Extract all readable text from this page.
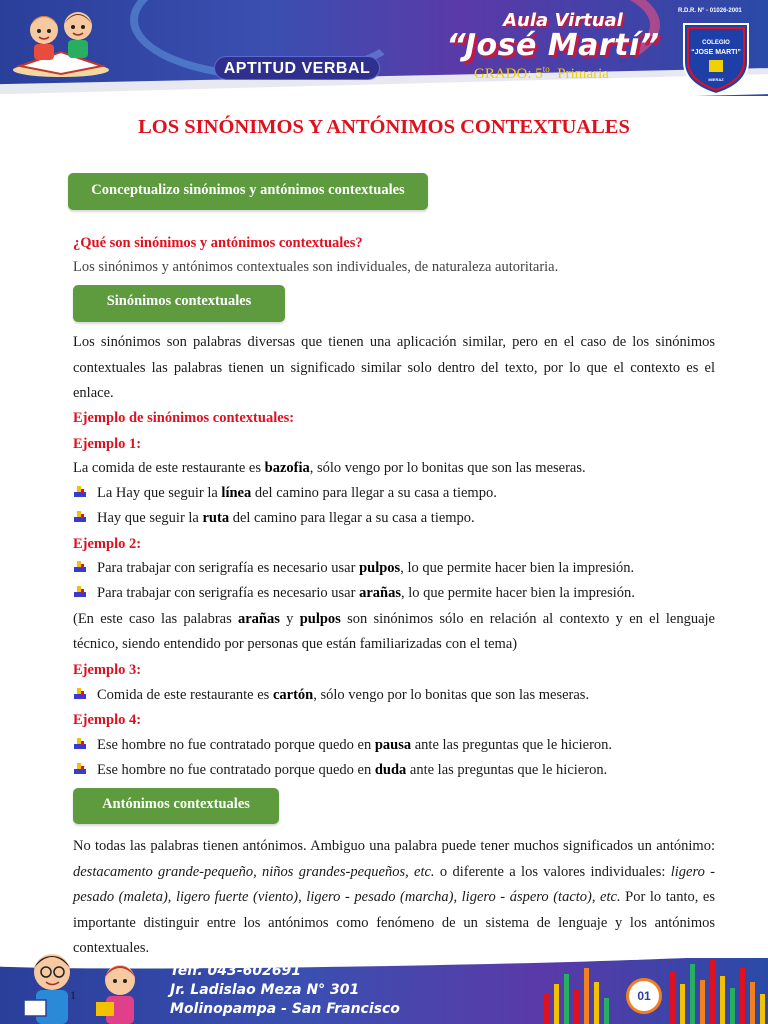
APTITUD VERBAL
Aula Virtual
“José Martí”
GRADO: $5^{to}$ Primaria
R.D.R. N° - 01026-2001
COLEGIO
“JOSE MARTI”
MIERAZ
LOS SINÓNIMOS Y ANTÓNIMOS CONTEXTUALES
Conceptualizo sinónimos y antónimos contextuales
¿Qué son sinónimos y antónimos contextuales?
Los sinónimos y antónimos contextuales son individuales, de naturaleza autoritaria.
Sinónimos contextuales
Los sinónimos son palabras diversas que tienen una aplicación similar, pero en el caso de los sinónimos contextuales las palabras tienen un significado similar solo dentro del texto, por lo que el contexto es el enlace.
Ejemplo de sinónimos contextuales:
Ejemplo 1:
La comida de este restaurante es bazofia, sólo vengo por lo bonitas que son las meseras.
La Hay que seguir la línea del camino para llegar a su casa a tiempo.
Hay que seguir la ruta del camino para llegar a su casa a tiempo.
Ejemplo 2:
Para trabajar con serigrafía es necesario usar pulpos, lo que permite hacer bien la impresión.
Para trabajar con serigrafía es necesario usar arañas, lo que permite hacer bien la impresión.
(En este caso las palabras arañas y pulpos son sinónimos sólo en relación al contexto y en el lenguaje técnico, siendo entendido por personas que están familiarizadas con el tema)
Ejemplo 3:
Comida de este restaurante es cartón, sólo vengo por lo bonitas que son las meseras.
Ejemplo 4:
Ese hombre no fue contratado porque quedo en pausa ante las preguntas que le hicieron.
Ese hombre no fue contratado porque quedo en duda ante las preguntas que le hicieron.
Antónimos contextuales
No todas las palabras tienen antónimos. Ambiguo una palabra puede tener muchos significados un antónimo: destacamento grande-pequeño, niños grandes-pequeños, etc. o diferente a los valores individuales: ligero - pesado (maleta), ligero fuerte (viento), ligero - pesado (marcha), ligero - áspero (tacto), etc. Por lo tanto, es importante distinguir entre los antónimos como fenómeno de un sistema de lenguaje y los antónimos contextuales.
1
Telf. 043-602691
Jr. Ladislao Meza N° 301
Molinopampa - San Francisco
01
